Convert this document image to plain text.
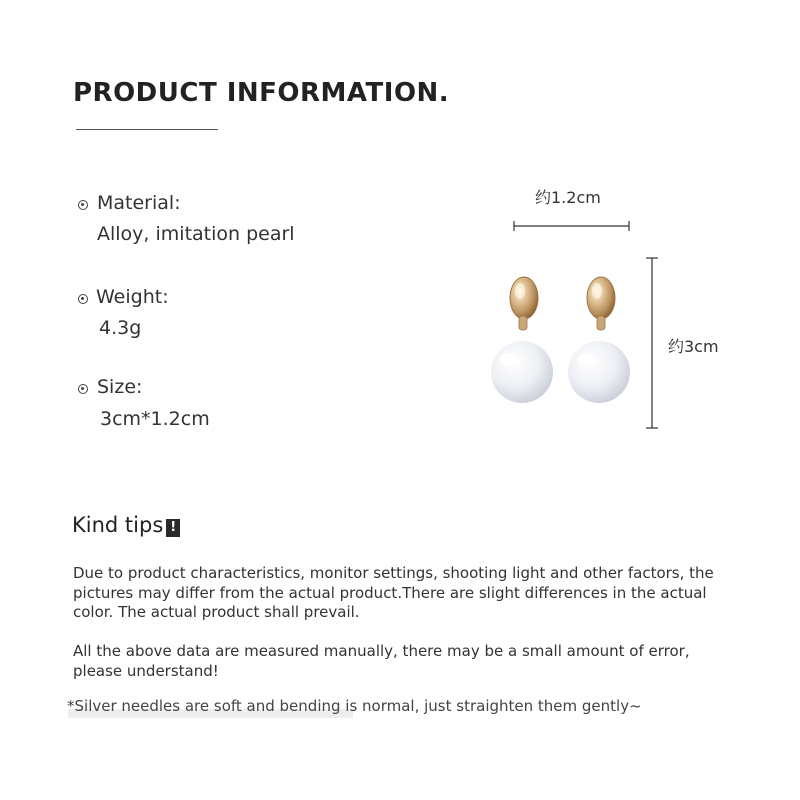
PRODUCT INFORMATION.
Material:
Alloy, imitation pearl
Weight:
4.3g
Size:
3cm*1.2cm
约1.2cm
约3cm
Kind tips !
Due to product characteristics, monitor settings, shooting light and other factors, the pictures may differ from the actual product.There are slight differences in the actual color. The actual product shall prevail.
All the above data are measured manually, there may be a small amount of error, please understand!
*Silver needles are soft and bending is normal, just straighten them gently~
